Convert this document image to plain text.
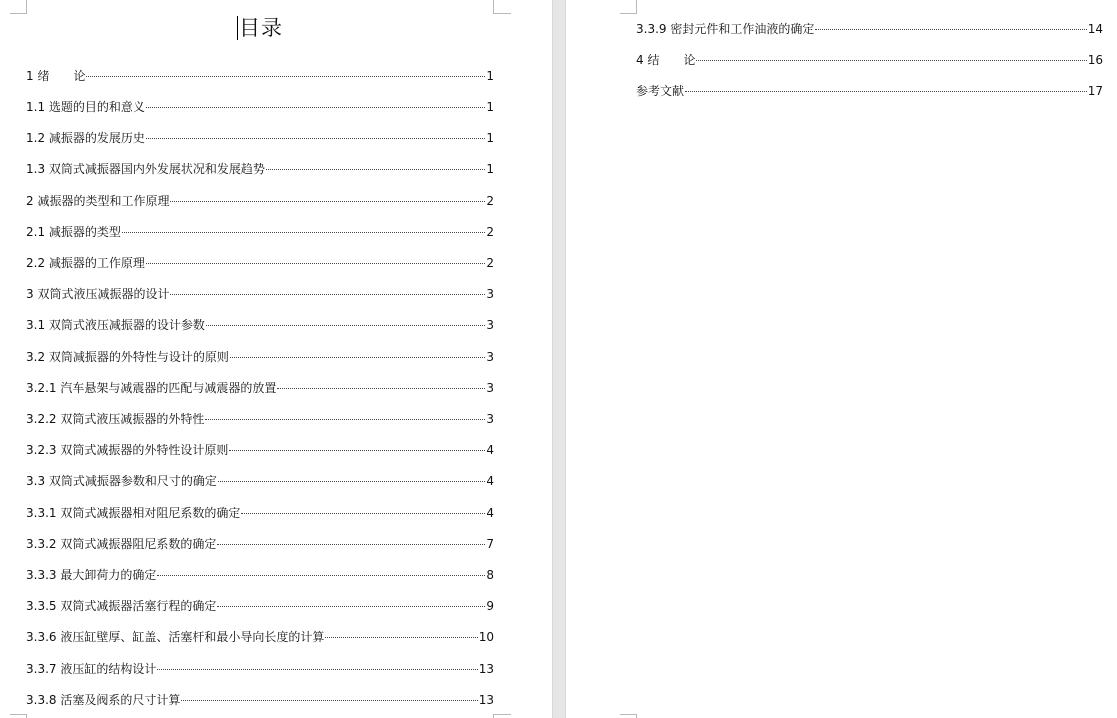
目录
1 绪　　论	1
1.1 选题的目的和意义	1
1.2 减振器的发展历史	1
1.3 双筒式减振器国内外发展状况和发展趋势	1
2 减振器的类型和工作原理	2
2.1 减振器的类型	2
2.2 减振器的工作原理	2
3 双筒式液压减振器的设计	3
3.1 双筒式液压减振器的设计参数	3
3.2 双筒减振器的外特性与设计的原则	3
3.2.1 汽车悬架与减震器的匹配与减震器的放置	3
3.2.2 双筒式液压减振器的外特性	3
3.2.3 双筒式减振器的外特性设计原则	4
3.3 双筒式减振器参数和尺寸的确定	4
3.3.1 双筒式减振器相对阻尼系数的确定	4
3.3.2 双筒式减振器阻尼系数的确定	7
3.3.3 最大卸荷力的确定	8
3.3.5 双筒式减振器活塞行程的确定	9
3.3.6 液压缸壁厚、缸盖、活塞杆和最小导向长度的计算	10
3.3.7 液压缸的结构设计	13
3.3.8 活塞及阀系的尺寸计算	13
3.3.9 密封元件和工作油液的确定	14
4 结　　论	16
参考文献	17
